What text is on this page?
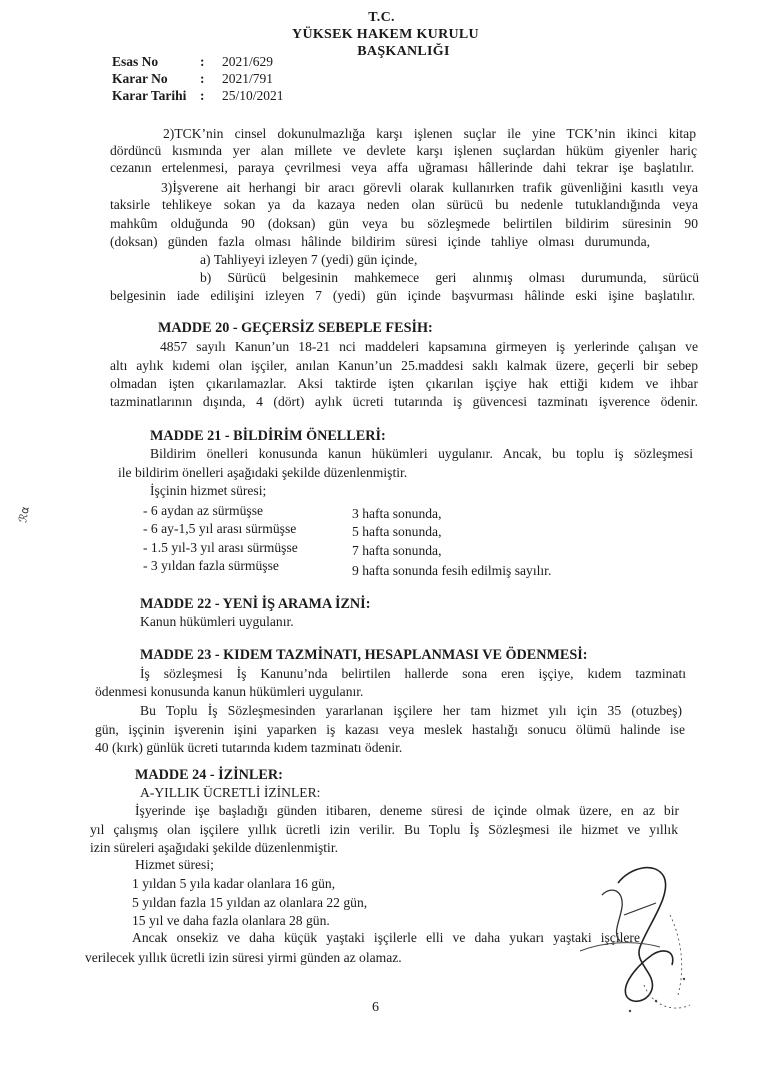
T.C.
YÜKSEK HAKEM KURULU
BAŞKANLIĞI
Esas No	: 2021/629
Karar No : 2021/791
Karar Tarihi : 25/10/2021
2)TCK’nin cinsel dokunulmazlığa karşı işlenen suçlar ile yine TCK’nin ikinci kitap
dördüncü kısmında yer alan millete ve devlete karşı işlenen suçlardan hüküm giyenler hariç
cezanın ertelenmesi, paraya çevrilmesi veya affa uğraması hâllerinde dahi tekrar işe başlatılır.
3)İşverene ait herhangi bir aracı görevli olarak kullanırken trafik güvenliğini kasıtlı veya
taksirle tehlikeye sokan ya da kazaya neden olan sürücü bu nedenle tutuklandığında veya
mahkûm olduğunda 90 (doksan) gün veya bu sözleşmede belirtilen bildirim süresinin 90
(doksan) günden fazla olması hâlinde bildirim süresi içinde tahliye olması durumunda,
a) Tahliyeyi izleyen 7 (yedi) gün içinde,
b) Sürücü belgesinin mahkemece geri alınmış olması durumunda, sürücü
belgesinin iade edilişini izleyen 7 (yedi) gün içinde başvurması hâlinde eski işine başlatılır.
MADDE 20 - GEÇERSİZ SEBEPLE FESİH:
4857 sayılı Kanun’un 18-21 nci maddeleri kapsamına girmeyen iş yerlerinde çalışan ve
altı aylık kıdemi olan işçiler, anılan Kanun’un 25.maddesi saklı kalmak üzere, geçerli bir sebep
olmadan işten çıkarılamazlar. Aksi taktirde işten çıkarılan işçiye hak ettiği kıdem ve ihbar
tazminatlarının dışında, 4 (dört) aylık ücreti tutarında iş güvencesi tazminatı işverence ödenir.
MADDE 21 - BİLDİRİM ÖNELLERİ:
Bildirim önelleri konusunda kanun hükümleri uygulanır. Ancak, bu toplu iş sözleşmesi
ile bildirim önelleri aşağıdaki şekilde düzenlenmiştir.
İşçinin hizmet süresi;
- 6 aydan az sürmüşse	3 hafta sonunda,
- 6 ay-1,5 yıl arası sürmüşse	5 hafta sonunda,
- 1.5 yıl-3 yıl arası sürmüşse	7 hafta sonunda,
- 3 yıldan fazla sürmüşse	9 hafta sonunda fesih edilmiş sayılır.
MADDE 22 - YENİ İŞ ARAMA İZNİ:
Kanun hükümleri uygulanır.
MADDE 23 - KIDEM TAZMİNATI, HESAPLANMASI VE ÖDENMESİ:
İş sözleşmesi İş Kanunu’nda belirtilen hallerde sona eren işçiye, kıdem tazminatı
ödenmesi konusunda kanun hükümleri uygulanır.
Bu Toplu İş Sözleşmesinden yararlanan işçilere her tam hizmet yılı için 35 (otuzbeş)
gün, işçinin işverenin işini yaparken iş kazası veya meslek hastalığı sonucu ölümü halinde ise
40 (kırk) günlük ücreti tutarında kıdem tazminatı ödenir.
MADDE 24 - İZİNLER:
A-YILLIK ÜCRETLİ İZİNLER:
İşyerinde işe başladığı günden itibaren, deneme süresi de içinde olmak üzere, en az bir
yıl çalışmış olan işçilere yıllık ücretli izin verilir. Bu Toplu İş Sözleşmesi ile hizmet ve yıllık
izin süreleri aşağıdaki şekilde düzenlenmiştir.
Hizmet süresi;
1 yıldan 5 yıla kadar olanlara 16 gün,
5 yıldan fazla 15 yıldan az olanlara 22 gün,
15 yıl ve daha fazla olanlara 28 gün.
Ancak onsekiz ve daha küçük yaştaki işçilerle elli ve daha yukarı yaştaki işçilere
verilecek yıllık ücretli izin süresi yirmi günden az olamaz.
ℛα
6
